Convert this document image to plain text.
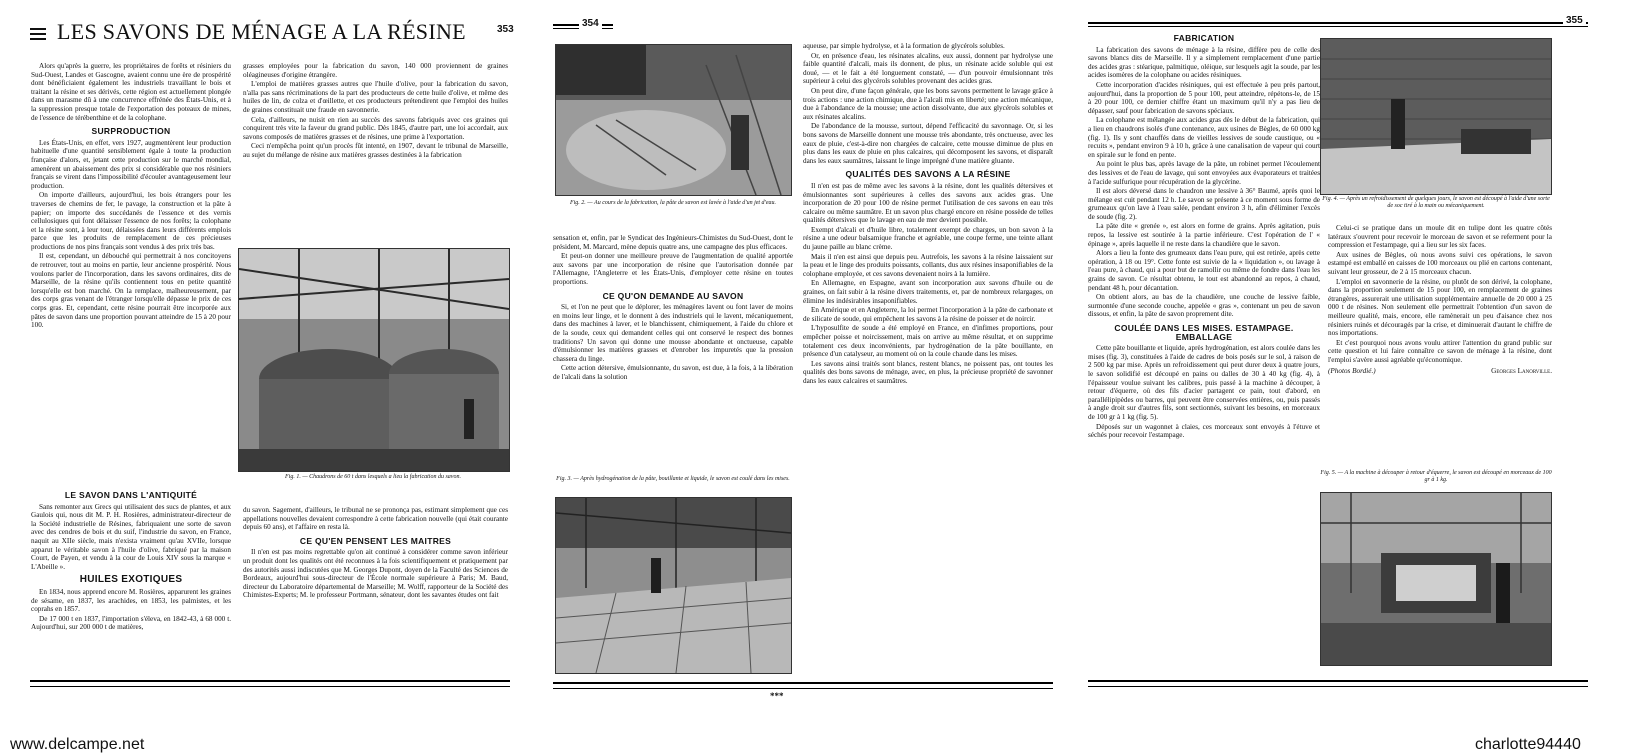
LES SAVONS DE MÉNAGE A LA RÉSINE	353

Alors qu'après la guerre, les propriétaires de forêts et résiniers du Sud-Ouest, Landes et Gascogne, avaient connu une ère de prospérité dont bénéficiaient également les industriels travaillant le bois et traitant la résine et ses dérivés, cette région est actuellement plongée dans un marasme dû à une concurrence effrénée des États-Unis, et à la suppression presque totale de l'exportation des poteaux de mines, de l'essence de térébenthine et de la colophane.

SURPRODUCTION

Les États-Unis, en effet, vers 1927, augmentèrent leur production habituelle d'une quantité sensiblement égale à toute la production française d'alors, et, jetant cette production sur le marché mondial, amenèrent un abaissement des prix si considérable que nos résiniers français se virent dans l'impossibilité d'écouler avantageusement leur production.

On importe d'ailleurs, aujourd'hui, les bois étrangers pour les traverses de chemins de fer, le pavage, la construction et la pâte à papier; on importe des succédanés de l'essence et des vernis cellulosiques qui font délaisser l'essence de nos forêts; la colophane et la résine sont, à leur tour, délaissées dans leurs différents emplois parce que les produits de remplacement de ces précieuses productions de nos pins français sont vendus à des prix très bas.

Il est, cependant, un débouché qui permettrait à nos concitoyens de retrouver, tout au moins en partie, leur ancienne prospérité. Nous voulons parler de l'incorporation, dans les savons ordinaires, dits de Marseille, de la résine qu'ils contiennent tous en petite quantité lorsqu'elle est bon marché. On la remplace, malheureusement, par des corps gras venant de l'étranger lorsqu'elle dépasse le prix de ces corps gras. Et, cependant, cette résine pourrait être incorporée aux pâtes de savon dans une proportion pouvant atteindre de 15 à 20 pour 100.

Fig. 1. — Chaudrons de 60 t dans lesquels a lieu la fabrication du savon.
LE SAVON DANS L'ANTIQUITÉ

Sans remonter aux Grecs qui utilisaient des sucs de plantes, et aux Gaulois qui, nous dit M. P. H. Rosières, administrateur-directeur de la Société industrielle de Résines, fabriquaient une sorte de savon avec des cendres de bois et du suif, l'industrie du savon, en France, naquit au XIIe siècle, mais n'exista vraiment qu'au XVIIe, lorsque apparut le véritable savon à l'huile d'olive, fabriqué par la maison Court, de Payen, et vendu à la cour de Louis XIV sous la marque « L'Abeille ».

HUILES EXOTIQUES

En 1834, nous apprend encore M. Rosières, apparurent les graines de sésame, en 1837, les arachides, en 1853, les palmistes, et les coprahs en 1857.

De 17 000 t en 1837, l'importation s'éleva, en 1842-43, à 68 000 t. Aujourd'hui, sur 200 000 t de matières,

grasses employées pour la fabrication du savon, 140 000 proviennent de graines oléagineuses d'origine étrangère.

L'emploi de matières grasses autres que l'huile d'olive, pour la fabrication du savon, n'alla pas sans récriminations de la part des producteurs de cette huile d'olive, et même des huiles de lin, de colza et d'œillette, et ces producteurs prétendirent que l'emploi des huiles de graines constituait une fraude en savonnerie.

Cela, d'ailleurs, ne nuisit en rien au succès des savons fabriqués avec ces graines qui conquirent très vite la faveur du grand public. Dès 1845, d'autre part, une loi accordait, aux savons composés de matières grasses et de résines, une prime à l'exportation.

Ceci n'empêcha point qu'un procès fût intenté, en 1907, devant le tribunal de Marseille, au sujet du mélange de résine aux matières grasses destinées à la fabrication

du savon. Sagement, d'ailleurs, le tribunal ne se prononça pas, estimant simplement que ces appellations nouvelles devaient correspondre à cette fabrication nouvelle (qui était courante depuis 60 ans), et l'affaire en resta là.

CE QU'EN PENSENT LES MAITRES

Il n'en est pas moins regrettable qu'on ait continué à considérer comme savon inférieur un produit dont les qualités ont été reconnues à la fois scientifiquement et pratiquement par des autorités aussi indiscutées que M. Georges Dupont, doyen de la Faculté des Sciences de Bordeaux, aujourd'hui sous-directeur de l'École normale supérieure à Paris; M. Baud, directeur du Laboratoire départemental de Marseille; M. Wolff, rapporteur de la Société des Chimistes-Experts; M. le professeur Portmann, sénateur, dont les savantes études ont fait

354
Fig. 2. — Au cours de la fabrication, la pâte de savon est lavée à l'aide d'un jet d'eau.

sensation et, enfin, par le Syndicat des Ingénieurs-Chimistes du Sud-Ouest, dont le président, M. Marcard, mène depuis quatre ans, une campagne des plus efficaces.

Et peut-on donner une meilleure preuve de l'augmentation de qualité apportée aux savons par une incorporation de résine que l'autorisation donnée par l'Allemagne, l'Angleterre et les États-Unis, d'employer cette résine en toutes proportions.

CE QU'ON DEMANDE AU SAVON

Si, et l'on ne peut que le déplorer, les ménagères lavent ou font laver de moins en moins leur linge, et le donnent à des industriels qui le lavent, mécaniquement, dans des machines à laver, et le blanchissent, chimiquement, à l'aide du chlore et de la soude, ceux qui demandent celles qui ont conservé le respect des bonnes traditions? Un savon qui donne une mousse abondante et onctueuse, capable d'émulsionner les matières grasses et d'enrober les impuretés que la pression chassera du linge.

Cette action détersive, émulsionnante, du savon, est due, à la fois, à la libération de l'alcali dans la solution

Fig. 3. — Après hydrogénation de la pâte, bouillante et liquide, le savon est coulé dans les mises.

aqueuse, par simple hydrolyse, et à la formation de glycérols solubles.

Or, en présence d'eau, les résinates alcalins, eux aussi, donnent par hydrolyse une faible quantité d'alcali, mais ils donnent, de plus, un résinate acide soluble qui est doué, — et le fait a été longuement constaté, — d'un pouvoir émulsionnant très supérieur à celui des glycérols solubles provenant des acides gras.

On peut dire, d'une façon générale, que les bons savons permettent le lavage grâce à trois actions : une action chimique, due à l'alcali mis en liberté; une action mécanique, due à l'abondance de la mousse; une action dissolvante, due aux glycérols solubles et aux résinates alcalins.

De l'abondance de la mousse, surtout, dépend l'efficacité du savonnage. Or, si les bons savons de Marseille donnent une mousse très abondante, très onctueuse, avec les eaux de pluie, c'est-à-dire non chargées de calcaire, cette mousse diminue de plus en plus dans les eaux de pluie en plus calcaires, qui décomposent les savons, et disparaît dans les eaux saumâtres, laissant le linge imprégné d'une matière gluante.

QUALITÉS DES SAVONS A LA RÉSINE

Il n'en est pas de même avec les savons à la résine, dont les qualités détersives et émulsionnantes sont supérieures à celles des savons aux acides gras. Une incorporation de 20 pour 100 de résine permet l'utilisation de ces savons en eau très calcaire ou même saumâtre. Et un savon plus chargé encore en résine possède de telles qualités détersives que le lavage en eau de mer devient possible.

Exempt d'alcali et d'huile libre, totalement exempt de charges, un bon savon à la résine a une odeur balsamique franche et agréable, une coupe ferme, une teinte allant du jaune paille au blanc crème.

Mais il n'en est ainsi que depuis peu. Autrefois, les savons à la résine laissaient sur la peau et le linge des produits poissants, collants, dus aux résines insaponifiables de la colophane employée, et ces savons devenaient noirs à la lumière.

En Allemagne, en Espagne, avant son incorporation aux savons d'huile ou de graines, on fait subir à la résine divers traitements, et, par de nombreux relargages, on élimine les indésirables insaponifiables.

En Amérique et en Angleterre, la loi permet l'incorporation à la pâte de carbonate et de silicate de soude, qui empêchent les savons à la résine de poisser et de noircir.

L'hyposulfite de soude a été employé en France, en d'infimes proportions, pour empêcher poisse et noircissement, mais on arrive au même résultat, et on supprime totalement ces deux inconvénients, par hydrogénation de la pâte bouillante, en présence d'un catalyseur, au moment où on la coule chaude dans les mises.

Les savons ainsi traités sont blancs, restent blancs, ne poissent pas, ont toutes les qualités des bons savons de ménage, avec, en plus, la précieuse propriété de savonner dans les eaux calcaires et saumâtres.

***
355
FABRICATION

La fabrication des savons de ménage à la résine, diffère peu de celle des savons blancs dits de Marseille. Il y a simplement remplacement d'une partie des acides gras : stéarique, palmitique, oléique, sur lesquels agit la soude, par les acides isomères de la colophane ou acides résiniques.

Cette incorporation d'acides résiniques, qui est effectuée à peu près partout, aujourd'hui, dans la proportion de 5 pour 100, peut atteindre, répétons-le, de 15 à 20 pour 100, ce dernier chiffre étant un maximum qu'il n'y a pas lieu de dépasser, sauf pour fabrication de savons spéciaux.

La colophane est mélangée aux acides gras dès le début de la fabrication, qui a lieu en chaudrons isolés d'une contenance, aux usines de Bègles, de 60 000 kg (fig. 1). Ils y sont chauffés dans de vieilles lessives de soude caustique, ou « recuits », pendant environ 9 à 10 h, grâce à une canalisation de vapeur qui court en spirale sur le fond en pente.

Au point le plus bas, après lavage de la pâte, un robinet permet l'écoulement des lessives et de l'eau de lavage, qui sont envoyées aux évaporateurs et traitées à l'acide sulfurique pour récupération de la glycérine.

Il est alors déversé dans le chaudron une lessive à 36° Baumé, après quoi le mélange est cuit pendant 12 h. Le savon se présente à ce moment sous forme de grumeaux qu'on lave à l'eau salée, pendant environ 3 h, afin d'éliminer l'excès de soude (fig. 2).

La pâte dite « grenée », est alors en forme de grains. Après agitation, puis repos, la lessive est soutirée à la partie inférieure. C'est l'opération de l' « épinage », après laquelle il ne reste dans la chaudière que le savon.

Alors a lieu la fonte des grumeaux dans l'eau pure, qui est retirée, après cette opération, à 18 ou 19°. Cette fonte est suivie de la « liquidation », ou lavage à l'eau pure, à chaud, qui a pour but de ramollir ou même de fondre dans l'eau les grains de savon. Ce résultat obtenu, le tout est abandonné au repos, à chaud, pendant 48 h, pour décantation.

On obtient alors, au bas de la chaudière, une couche de lessive faible, surmontée d'une seconde couche, appelée « gras », contenant un peu de savon dissous, et enfin, la pâte de savon proprement dite.

COULÉE DANS LES MISES. ESTAMPAGE. EMBALLAGE

Cette pâte bouillante et liquide, après hydrogénation, est alors coulée dans les mises (fig. 3), constituées à l'aide de cadres de bois posés sur le sol, à raison de 2 500 kg par mise. Après un refroidissement qui peut durer deux à quatre jours, le savon solidifié est découpé en pains ou dalles de 30 à 40 kg (fig. 4), à l'épaisseur voulue suivant les calibres, puis passé à la machine à découper, à retour d'équerre, où des fils d'acier partagent ce pain, tout d'abord, en parallélipipèdes ou barres, qui peuvent être conservées entières, ou, puis passés à angle droit sur d'autres fils, sont sectionnés, suivant les besoins, en morceaux de 100 gr à 1 kg (fig. 5).

Déposés sur un wagonnet à claies, ces morceaux sont envoyés à l'étuve et séchés pour recevoir l'estampage.

Fig. 4. — Après un refroidissement de quelques jours, le savon est découpé à l'aide d'une sorte de soc tiré à la main ou mécaniquement.

Celui-ci se pratique dans un moule dit en tulipe dont les quatre côtés latéraux s'ouvrent pour recevoir le morceau de savon et se referment pour la compression et l'estampage, qui a lieu sur les six faces.

Aux usines de Bègles, où nous avons suivi ces opérations, le savon estampé est emballé en caisses de 100 morceaux ou plié en cartons contenant, suivant leur grosseur, de 2 à 15 morceaux chacun.

L'emploi en savonnerie de la résine, ou plutôt de son dérivé, la colophane, dans la proportion seulement de 15 pour 100, en remplacement de graines étrangères, assurerait une utilisation supplémentaire annuelle de 20 000 à 25 000 t de résines. Non seulement elle permettrait l'obtention d'un savon de meilleure qualité, mais, encore, elle ramènerait un peu d'aisance chez nos résiniers ruinés et découragés par la crise, et diminuerait d'autant le chiffre de nos importations.

Et c'est pourquoi nous avons voulu attirer l'attention du grand public sur cette question et lui faire connaître ce savon de ménage à la résine, dont l'emploi s'avère aussi agréable qu'économique.

(Photos Bordié.)	Georges Lanorville.
Fig. 5. — A la machine à découper à retour d'équerre, le savon est découpé en morceaux de 100 gr à 1 kg.
www.delcampe.net	charlotte94440
